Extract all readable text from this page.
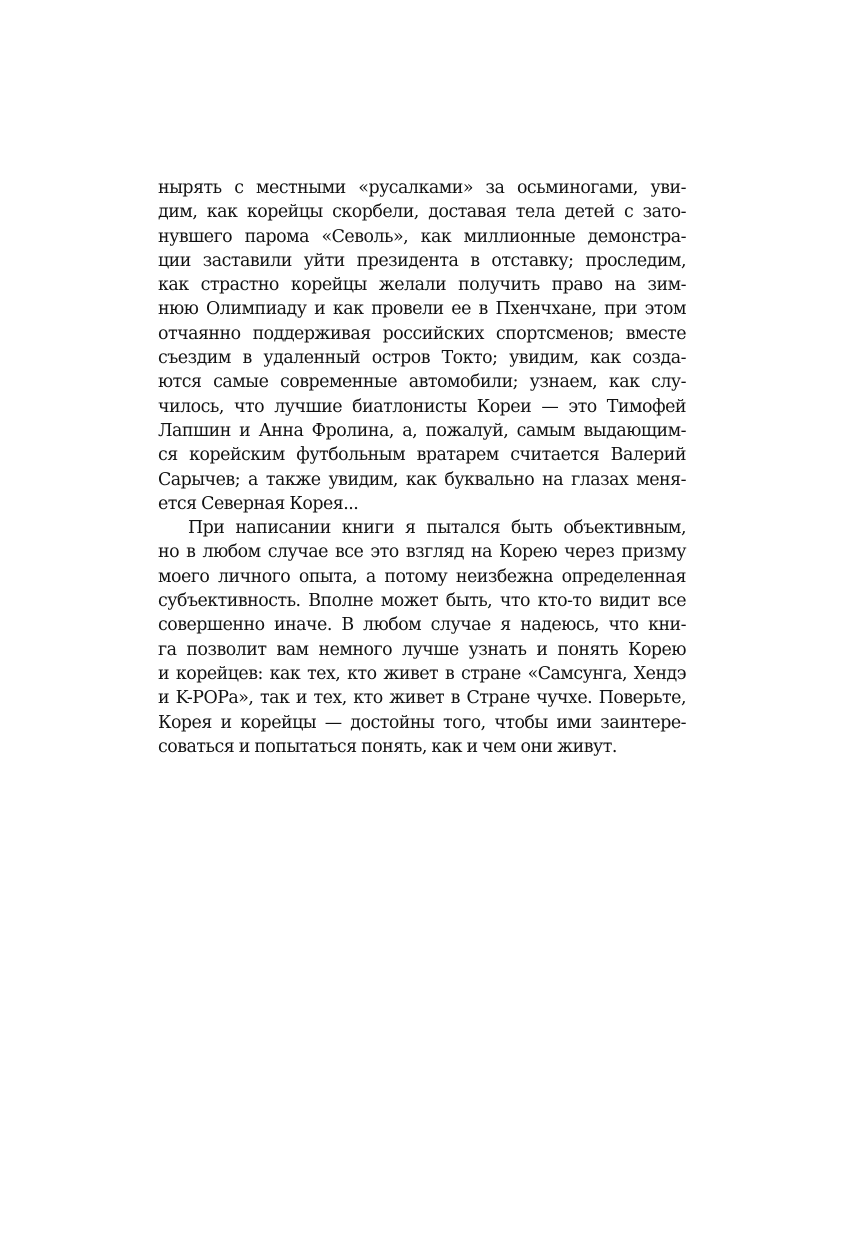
нырять с местными «русалками» за осьминогами, уви-
дим, как корейцы скорбели, доставая тела детей с зато-
нувшего парома «Севоль», как миллионные демонстра-
ции заставили уйти президента в отставку; проследим,
как страстно корейцы желали получить право на зим-
нюю Олимпиаду и как провели ее в Пхенчхане, при этом
отчаянно поддерживая российских спортсменов; вместе
съездим в удаленный остров Токто; увидим, как созда-
ются самые современные автомобили; узнаем, как слу-
чилось, что лучшие биатлонисты Кореи — это Тимофей
Лапшин и Анна Фролина, а, пожалуй, самым выдающим-
ся корейским футбольным вратарем считается Валерий
Сарычев; а также увидим, как буквально на глазах меня-
ется Северная Корея...
При написании книги я пытался быть объективным,
но в любом случае все это взгляд на Корею через призму
моего личного опыта, а потому неизбежна определенная
субъективность. Вполне может быть, что кто-то видит все
совершенно иначе. В любом случае я надеюсь, что кни-
га позволит вам немного лучше узнать и понять Корею
и корейцев: как тех, кто живет в стране «Самсунга, Хендэ
и K-POPа», так и тех, кто живет в Стране чучхе. Поверьте,
Корея и корейцы — достойны того, чтобы ими заинтере-
соваться и попытаться понять, как и чем они живут.
